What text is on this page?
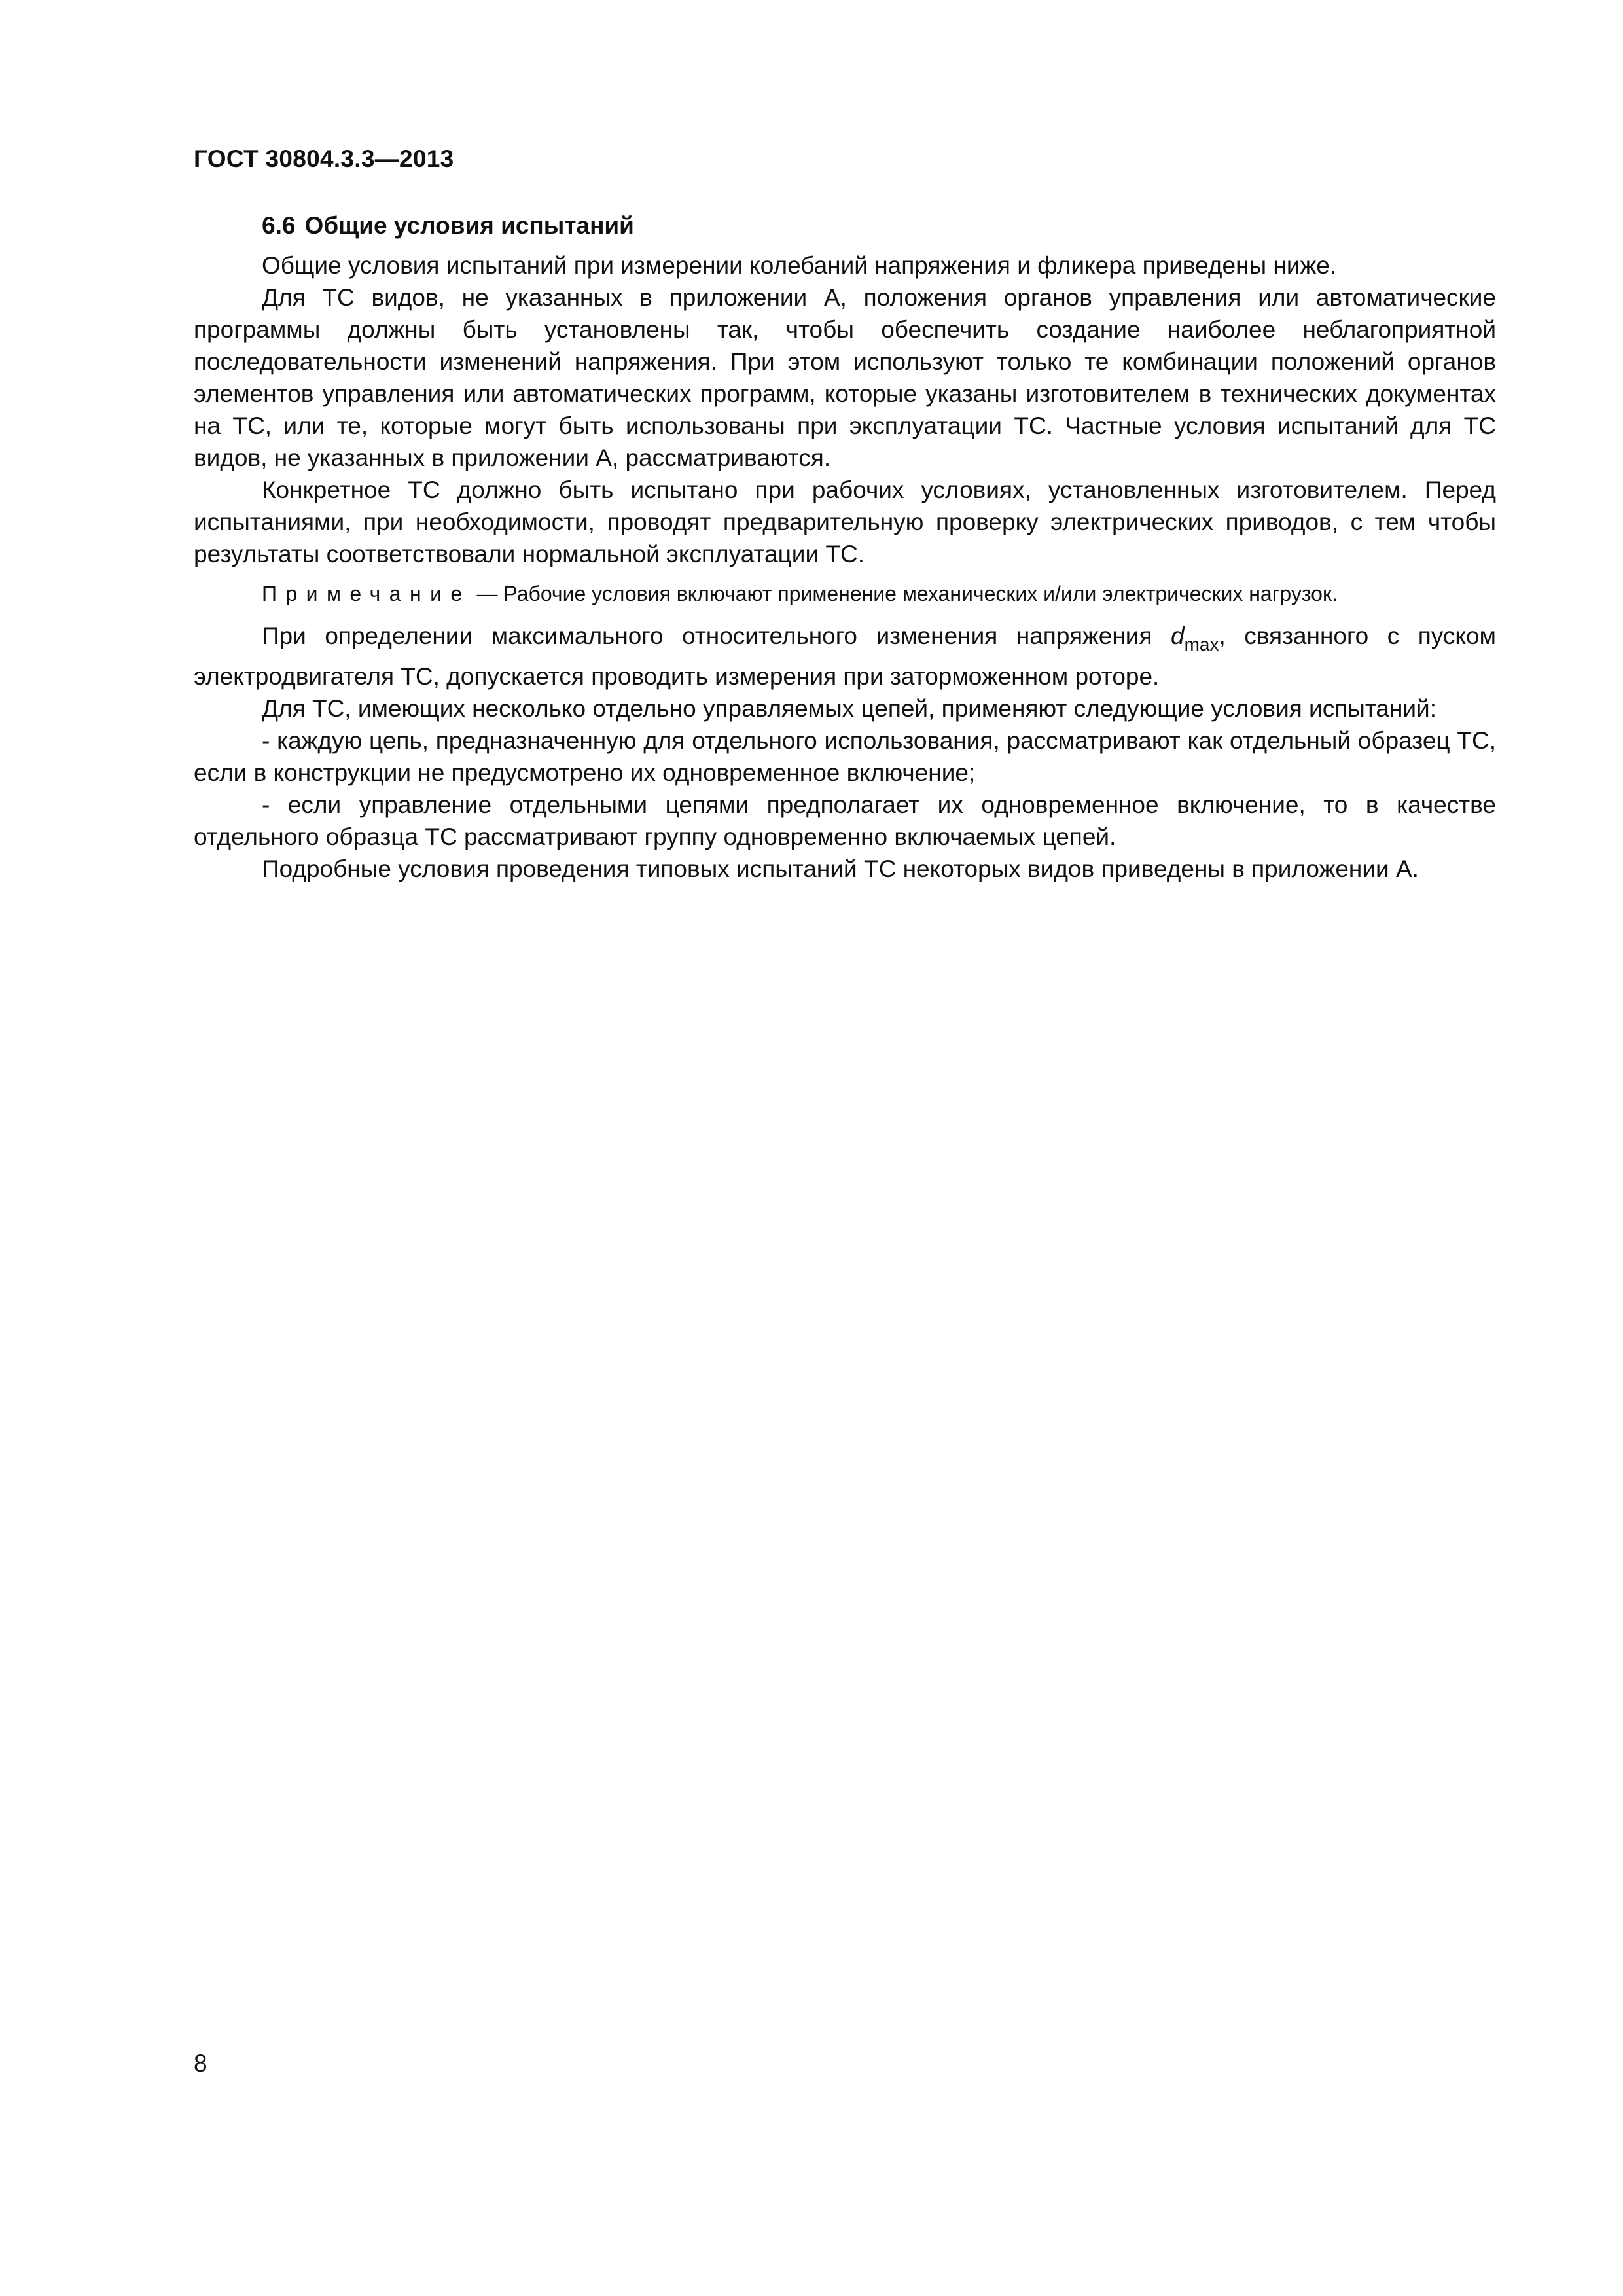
ГОСТ 30804.3.3—2013
6.6 Общие условия испытаний

Общие условия испытаний при измерении колебаний напряжения и фликера приведены ниже.

Для ТС видов, не указанных в приложении А, положения органов управления или автоматические программы должны быть установлены так, чтобы обеспечить создание наиболее неблагоприятной последовательности изменений напряжения. При этом используют только те комбинации положений органов элементов управления или автоматических программ, которые указаны изготовителем в технических документах на ТС, или те, которые могут быть использованы при эксплуатации ТС. Частные условия испытаний для ТС видов, не указанных в приложении А, рассматриваются.

Конкретное ТС должно быть испытано при рабочих условиях, установленных изготовителем. Перед испытаниями, при необходимости, проводят предварительную проверку электрических приводов, с тем чтобы результаты соответствовали нормальной эксплуатации ТС.

Примечание — Рабочие условия включают применение механических и/или электрических нагрузок.

При определении максимального относительного изменения напряжения $d_{max}$, связанного с пуском электродвигателя ТС, допускается проводить измерения при заторможенном роторе.

Для ТС, имеющих несколько отдельно управляемых цепей, применяют следующие условия испытаний:

- каждую цепь, предназначенную для отдельного использования, рассматривают как отдельный образец ТС, если в конструкции не предусмотрено их одновременное включение;

- если управление отдельными цепями предполагает их одновременное включение, то в качестве отдельного образца ТС рассматривают группу одновременно включаемых цепей.

Подробные условия проведения типовых испытаний ТС некоторых видов приведены в приложении А.

8
